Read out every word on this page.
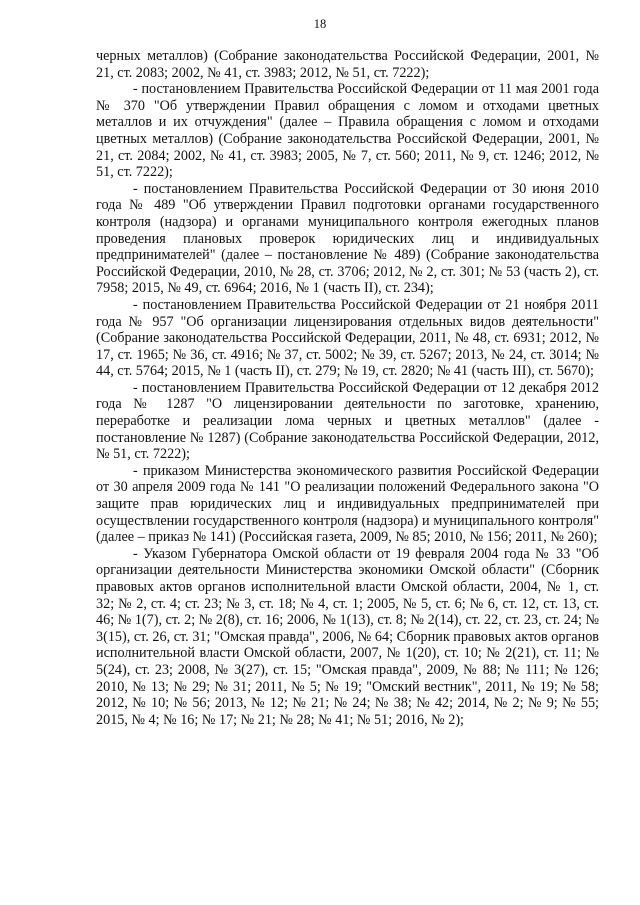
18

черных металлов) (Собрание законодательства Российской Федерации, 2001, № 21, ст. 2083; 2002, № 41, ст. 3983; 2012, № 51, ст. 7222);

- постановлением Правительства Российской Федерации от 11 мая 2001 года № 370 "Об утверждении Правил обращения с ломом и отходами цветных металлов и их отчуждения" (далее – Правила обращения с ломом и отходами цветных металлов) (Собрание законодательства Российской Федерации, 2001, № 21, ст. 2084; 2002, № 41, ст. 3983; 2005, № 7, ст. 560; 2011, № 9, ст. 1246; 2012, № 51, ст. 7222);

- постановлением Правительства Российской Федерации от 30 июня 2010 года № 489 "Об утверждении Правил подготовки органами государственного контроля (надзора) и органами муниципального контроля ежегодных планов проведения плановых проверок юридических лиц и индивидуальных предпринимателей" (далее – постановление № 489) (Собрание законодательства Российской Федерации, 2010, № 28, ст. 3706; 2012, № 2, ст. 301; № 53 (часть 2), ст. 7958; 2015, № 49, ст. 6964; 2016, № 1 (часть II), ст. 234);

- постановлением Правительства Российской Федерации от 21 ноября 2011 года № 957 "Об организации лицензирования отдельных видов деятельности" (Собрание законодательства Российской Федерации, 2011, № 48, ст. 6931; 2012, № 17, ст. 1965; № 36, ст. 4916; № 37, ст. 5002; № 39, ст. 5267; 2013, № 24, ст. 3014; № 44, ст. 5764; 2015, № 1 (часть II), ст. 279; № 19, ст. 2820; № 41 (часть III), ст. 5670);

- постановлением Правительства Российской Федерации от 12 декабря 2012 года № 1287 "О лицензировании деятельности по заготовке, хранению, переработке и реализации лома черных и цветных металлов" (далее - постановление № 1287) (Собрание законодательства Российской Федерации, 2012, № 51, ст. 7222);

- приказом Министерства экономического развития Российской Федерации от 30 апреля 2009 года № 141 "О реализации положений Федерального закона "О защите прав юридических лиц и индивидуальных предпринимателей при осуществлении государственного контроля (надзора) и муниципального контроля" (далее – приказ № 141) (Российская газета, 2009, № 85; 2010, № 156; 2011, № 260);

- Указом Губернатора Омской области от 19 февраля 2004 года № 33 "Об организации деятельности Министерства экономики Омской области" (Сборник правовых актов органов исполнительной власти Омской области, 2004, № 1, ст. 32; № 2, ст. 4; ст. 23; № 3, ст. 18; № 4, ст. 1; 2005, № 5, ст. 6; № 6, ст. 12, ст. 13, ст. 46; № 1(7), ст. 2; № 2(8), ст. 16; 2006, № 1(13), ст. 8; № 2(14), ст. 22, ст. 23, ст. 24; № 3(15), ст. 26, ст. 31; "Омская правда", 2006, № 64; Сборник правовых актов органов исполнительной власти Омской области, 2007, № 1(20), ст. 10; № 2(21), ст. 11; № 5(24), ст. 23; 2008, № 3(27), ст. 15; "Омская правда", 2009, № 88; № 111; № 126; 2010, № 13; № 29; № 31; 2011, № 5; № 19; "Омский вестник", 2011, № 19; № 58; 2012, № 10; № 56; 2013, № 12; № 21; № 24; № 38; № 42; 2014, № 2; № 9; № 55; 2015, № 4; № 16; № 17; № 21; № 28; № 41; № 51; 2016, № 2);
